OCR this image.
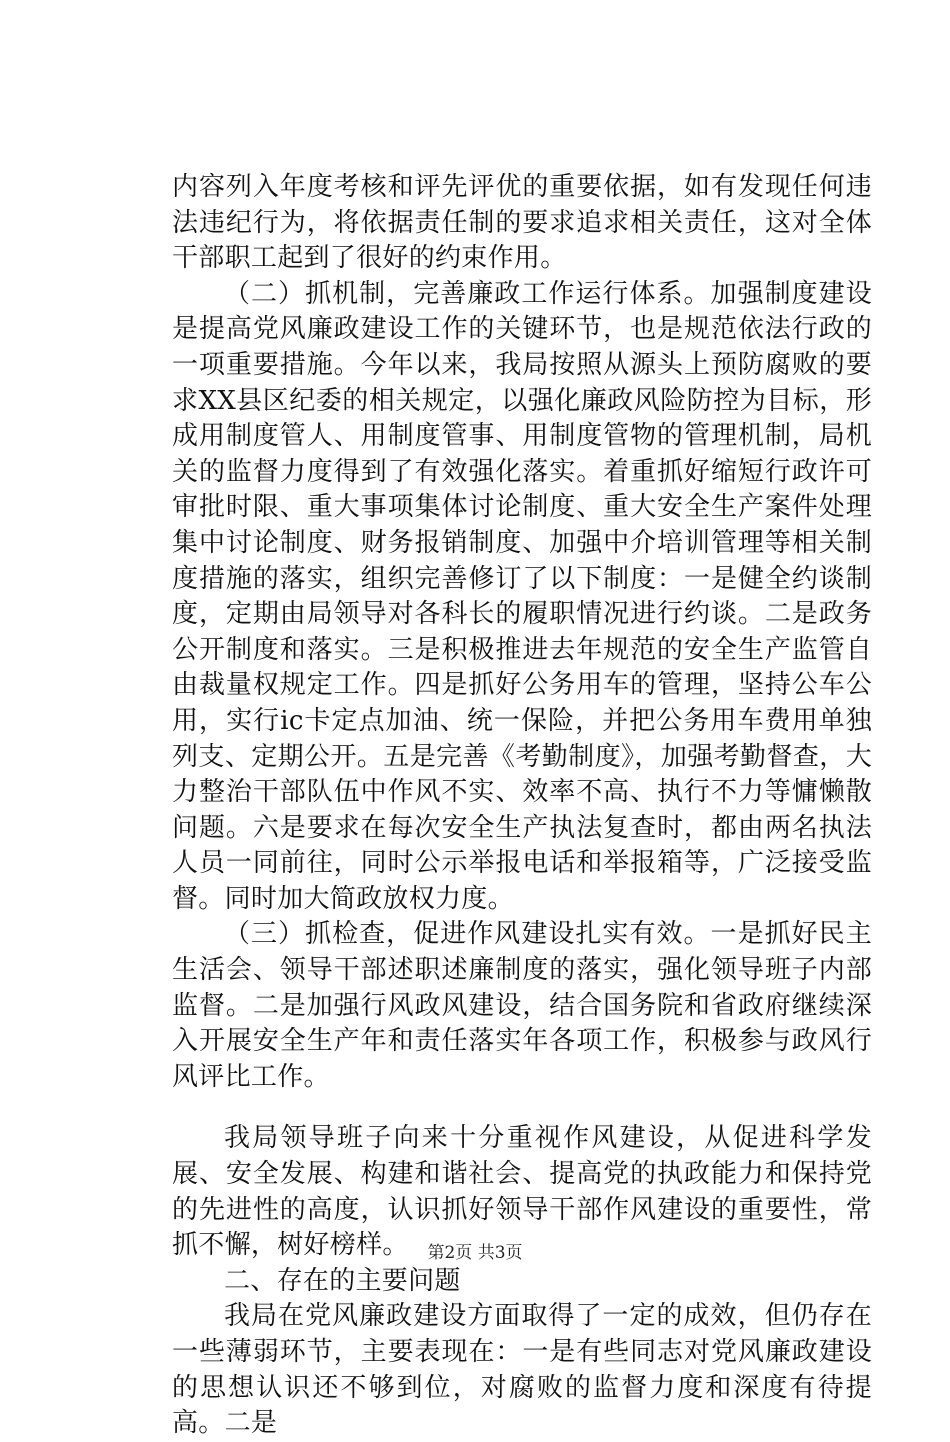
内容列入年度考核和评先评优的重要依据，如有发现任何违法违纪行为，将依据责任制的要求追求相关责任，这对全体干部职工起到了很好的约束作用。

（二）抓机制，完善廉政工作运行体系。加强制度建设是提高党风廉政建设工作的关键环节，也是规范依法行政的一项重要措施。今年以来，我局按照从源头上预防腐败的要求XX县区纪委的相关规定，以强化廉政风险防控为目标，形成用制度管人、用制度管事、用制度管物的管理机制，局机关的监督力度得到了有效强化落实。着重抓好缩短行政许可审批时限、重大事项集体讨论制度、重大安全生产案件处理集中讨论制度、财务报销制度、加强中介培训管理等相关制度措施的落实，组织完善修订了以下制度：一是健全约谈制度，定期由局领导对各科长的履职情况进行约谈。二是政务公开制度和落实。三是积极推进去年规范的安全生产监管自由裁量权规定工作。四是抓好公务用车的管理，坚持公车公用，实行ic卡定点加油、统一保险，并把公务用车费用单独列支、定期公开。五是完善《考勤制度》，加强考勤督查，大力整治干部队伍中作风不实、效率不高、执行不力等慵懒散问题。六是要求在每次安全生产执法复查时，都由两名执法人员一同前往，同时公示举报电话和举报箱等，广泛接受监督。同时加大简政放权力度。

（三）抓检查，促进作风建设扎实有效。一是抓好民主生活会、领导干部述职述廉制度的落实，强化领导班子内部监督。二是加强行风政风建设，结合国务院和省政府继续深入开展安全生产年和责任落实年各项工作，积极参与政风行风评比工作。

我局领导班子向来十分重视作风建设，从促进科学发展、安全发展、构建和谐社会、提高党的执政能力和保持党的先进性的高度，认识抓好领导干部作风建设的重要性，常抓不懈，树好榜样。

二、存在的主要问题

我局在党风廉政建设方面取得了一定的成效，但仍存在一些薄弱环节，主要表现在：一是有些同志对党风廉政建设的思想认识还不够到位，对腐败的监督力度和深度有待提高。二是

第2页 共3页
